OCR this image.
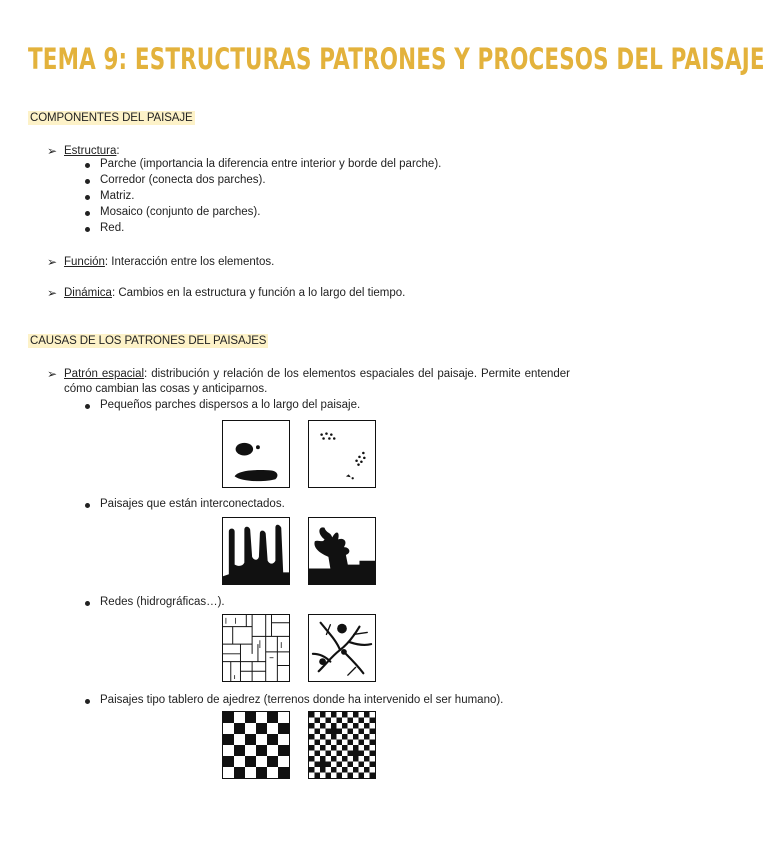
TEMA 9: ESTRUCTURAS PATRONES Y PROCESOS DEL PAISAJE
COMPONENTES DEL PAISAJE
➢ Estructura:
Parche (importancia la diferencia entre interior y borde del parche).
Corredor (conecta dos parches).
Matriz.
Mosaico (conjunto de parches).
Red.
➢ Función: Interacción entre los elementos.
➢ Dinámica: Cambios en la estructura y función a lo largo del tiempo.
CAUSAS DE LOS PATRONES DEL PAISAJES
➢ Patrón espacial: distribución y relación de los elementos espaciales del paisaje. Permite entender cómo cambian las cosas y anticiparnos.
Pequeños parches dispersos a lo largo del paisaje.
Paisajes que están interconectados.
Redes (hidrográficas…).
Paisajes tipo tablero de ajedrez (terrenos donde ha intervenido el ser humano).
